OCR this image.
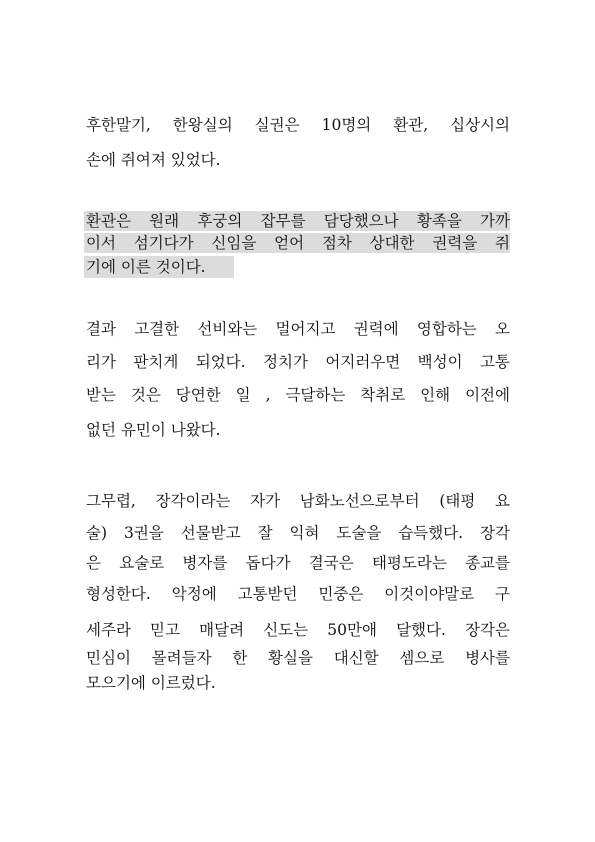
후한말기, 한왕실의 실권은 10명의 환관, 십상시의
손에 쥐여져 있었다.
환관은 원래 후궁의 잡무를 담당했으나 황족을 가까
이서 섬기다가 신임을 얻어 점차 상대한 권력을 쥐
기에 이른 것이다.
결과 고결한 선비와는 멀어지고 권력에 영합하는 오
리가 판치게 되었다. 정치가 어지러우면 백성이 고통
받는 것은 당연한 일 , 극달하는 착취로 인해 이전에
없던 유민이 나왔다.
그무렵, 장각이라는 자가 남화노선으로부터 (태평 요
술) 3권을 선물받고 잘 익혀 도술을 습득했다. 장각
은 요술로 병자를 돕다가 결국은 태평도라는 종교를
형성한다. 악정에 고통받던 민중은 이것이야말로 구
세주라 믿고 매달려 신도는 50만애 달했다. 장각은
민심이 몰려들자 한 황실을 대신할 셈으로 병사를
모으기에 이르렀다.
